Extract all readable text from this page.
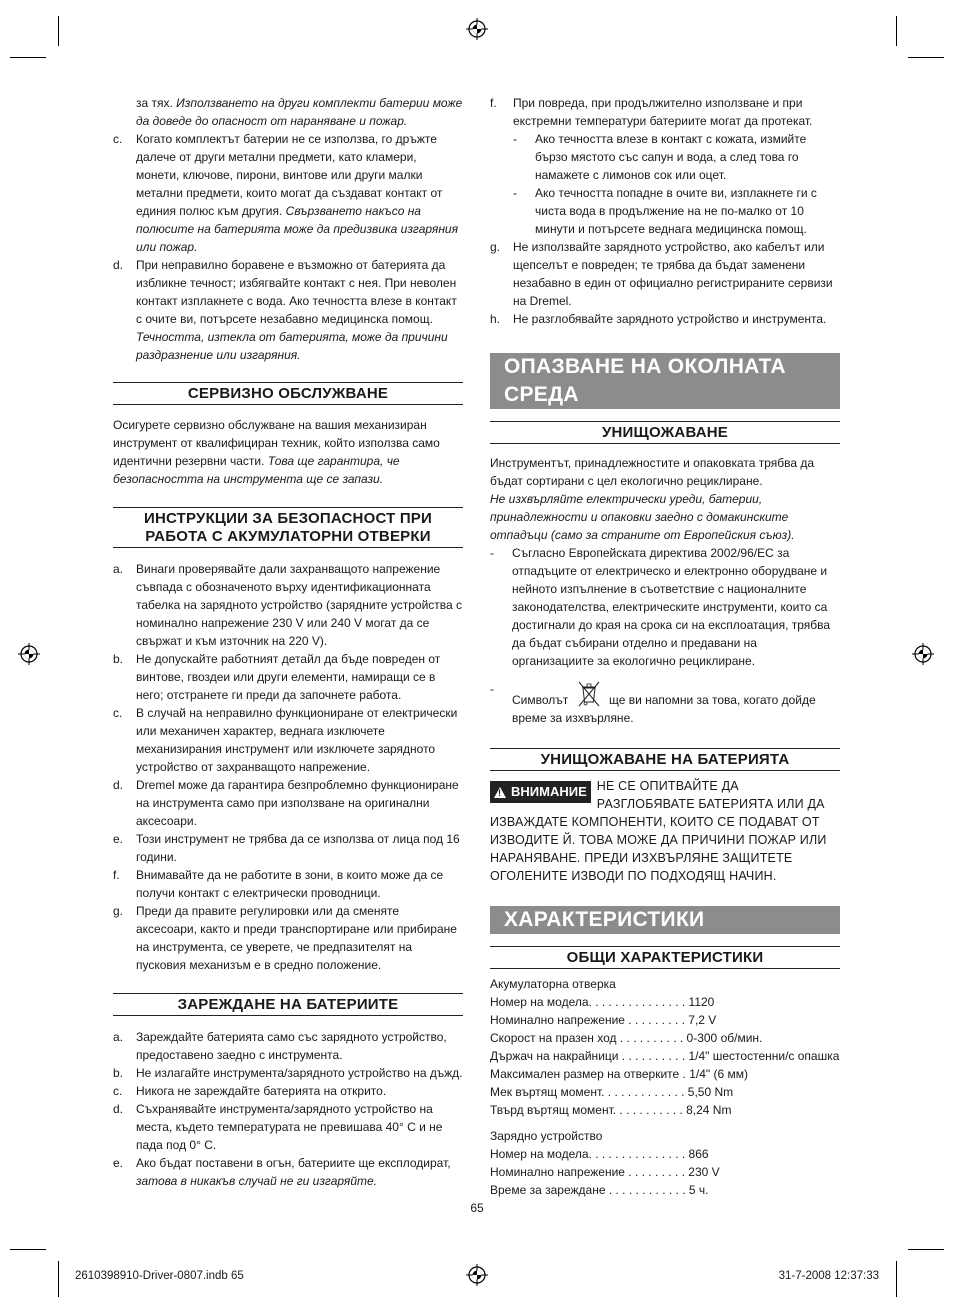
за тях. Използването на други комплекти батерии може да доведе до опасност от нараняване и пожар.
c.	Когато комплектът батерии не се използва, го дръжте далече от други метални предмети, като кламери, монети, ключове, пирони, винтове или други малки метални предмети, които могат да създават контакт от единия полюс към другия. Свързването накъсо на полюсите на батерията може да предизвика изгаряния или пожар.
d.	При неправилно боравене е възможно от батерията да избликне течност; избягвайте контакт с нея. При неволен контакт изплакнете с вода. Ако течността влезе в контакт с очите ви, потърсете незабавно медицинска помощ. Течността, изтекла от батерията, може да причини раздразнение или изгаряния.
СЕРВИЗНО ОБСЛУЖВАНЕ
Осигурете сервизно обслужване на вашия механизиран инструмент от квалифициран техник, който използва само идентични резервни части. Това ще гарантира, че безопасността на инструмента ще се запази.
ИНСТРУКЦИИ ЗА БЕЗОПАСНОСТ ПРИ
РАБОТА С АКУМУЛАТОРНИ ОТВЕРКИ
a.	Винаги проверявайте дали захранващото напрежение съвпада с обозначеното върху идентификационната табелка на зарядното устройство (зарядните устройства с номинално напрежение 230 V или 240 V могат да се свържат и към източник на 220 V).
b.	Не допускайте работният детайл да бъде повреден от винтове, гвоздеи или други елементи, намиращи се в него; отстранете ги преди да започнете работа.
c.	В случай на неправилно функциониране от електрически или механичен характер, веднага изключете механизирания инструмент или изключете зарядното устройство от захранващото напрежение.
d.	Dremel може да гарантира безпроблемно функциониране на инструмента само при използване на оригинални аксесоари.
e.	Този инструмент не трябва да се използва от лица под 16 години.
f.	Внимавайте да не работите в зони, в които може да се получи контакт с електрически проводници.
g.	Преди да правите регулировки или да сменяте аксесоари, както и преди транспортиране или прибиране на инструмента, се уверете, че предпазителят на пусковия механизъм е в средно положение.
ЗАРЕЖДАНЕ НА БАТЕРИИТЕ
a.	Зареждайте батерията само със зарядното устройство, предоставено заедно с инструмента.
b.	Не излагайте инструмента/зарядното устройство на дъжд.
c.	Никога не зареждайте батерията на открито.
d.	Съхранявайте инструмента/зарядното устройство на места, където температурата не превишава 40° C и не пада под 0° C.
e.	Ако бъдат поставени в огън, батериите ще експлодират, затова в никакъв случай не ги изгаряйте.
f.	При повреда, при продължително използване и при екстремни температури батериите могат да протекат.
-	Ако течността влезе в контакт с кожата, измийте бързо мястото със сапун и вода, а след това го намажете с лимонов сок или оцет.
-	Ако течността попадне в очите ви, изплакнете ги с чиста вода в продължение на не по-малко от 10 минути и потърсете веднага медицинска помощ.
g.	Не използвайте зарядното устройство, ако кабелът или щепселът е повреден; те трябва да бъдат заменени незабавно в един от официално регистрираните сервизи на Dremel.
h.	Не разглобявайте зарядното устройство и инструмента.
ОПАЗВАНЕ НА ОКОЛНАТА СРЕДА
УНИЩОЖАВАНЕ
Инструментът, принадлежностите и опаковката трябва да бъдат сортирани с цел екологично рециклиране.
Не изхвърляйте електрически уреди, батерии, принадлежности и опаковки заедно с домакинските отпадъци (само за страните от Европейския съюз).
-	Съгласно Европейската директива 2002/96/ЕС за отпадъците от електрическо и електронно оборудване и нейното изпълнение в съответствие с националните законодателства, електрическите инструменти, които са достигнали до края на срока си на експлоатация, трябва да бъдат събирани отделно и предавани на организациите за екологично рециклиране.
-
Символът	ще ви напомни за това, когато дойде време за изхвърляне.
УНИЩОЖАВАНЕ НА БАТЕРИЯТА
!
ВНИМАНИЕ НЕ СЕ ОПИТВАЙТЕ ДА РАЗГЛОБЯВАТЕ БАТЕРИЯТА ИЛИ ДА ИЗВАЖДАТЕ КОМПОНЕНТИ, КОИТО СЕ ПОДАВАТ ОТ ИЗВОДИТЕ Й. ТОВА МОЖЕ ДА ПРИЧИНИ ПОЖАР ИЛИ НАРАНЯВАНЕ. ПРЕДИ ИЗХВЪРЛЯНЕ ЗАЩИТЕТЕ ОГОЛЕНИТЕ ИЗВОДИ ПО ПОДХОДЯЩ НАЧИН.
ХАРАКТЕРИСТИКИ
ОБЩИ ХАРАКТЕРИСТИКИ
Акумулаторна отверка
Номер на модела. . . . . . . . . . . . . . . 1120
Номинално напрежение . . . . . . . . . 7,2 V
Скорост на празен ход . . . . . . . . . . 0-300 об/мин.
Държач на накрайници . . . . . . . . . . 1/4" шестостенни/с опашка
Максимален размер на отверките . 1/4" (6 мм)
Мек въртящ момент. . . . . . . . . . . . . 5,50 Nm
Твърд въртящ момент. . . . . . . . . . . 8,24 Nm
Зарядно устройство
Номер на модела. . . . . . . . . . . . . . . 866
Номинално напрежение . . . . . . . . . 230 V
Време за зареждане . . . . . . . . . . . . 5 ч.
65
2610398910-Driver-0807.indb 65	31-7-2008 12:37:33
